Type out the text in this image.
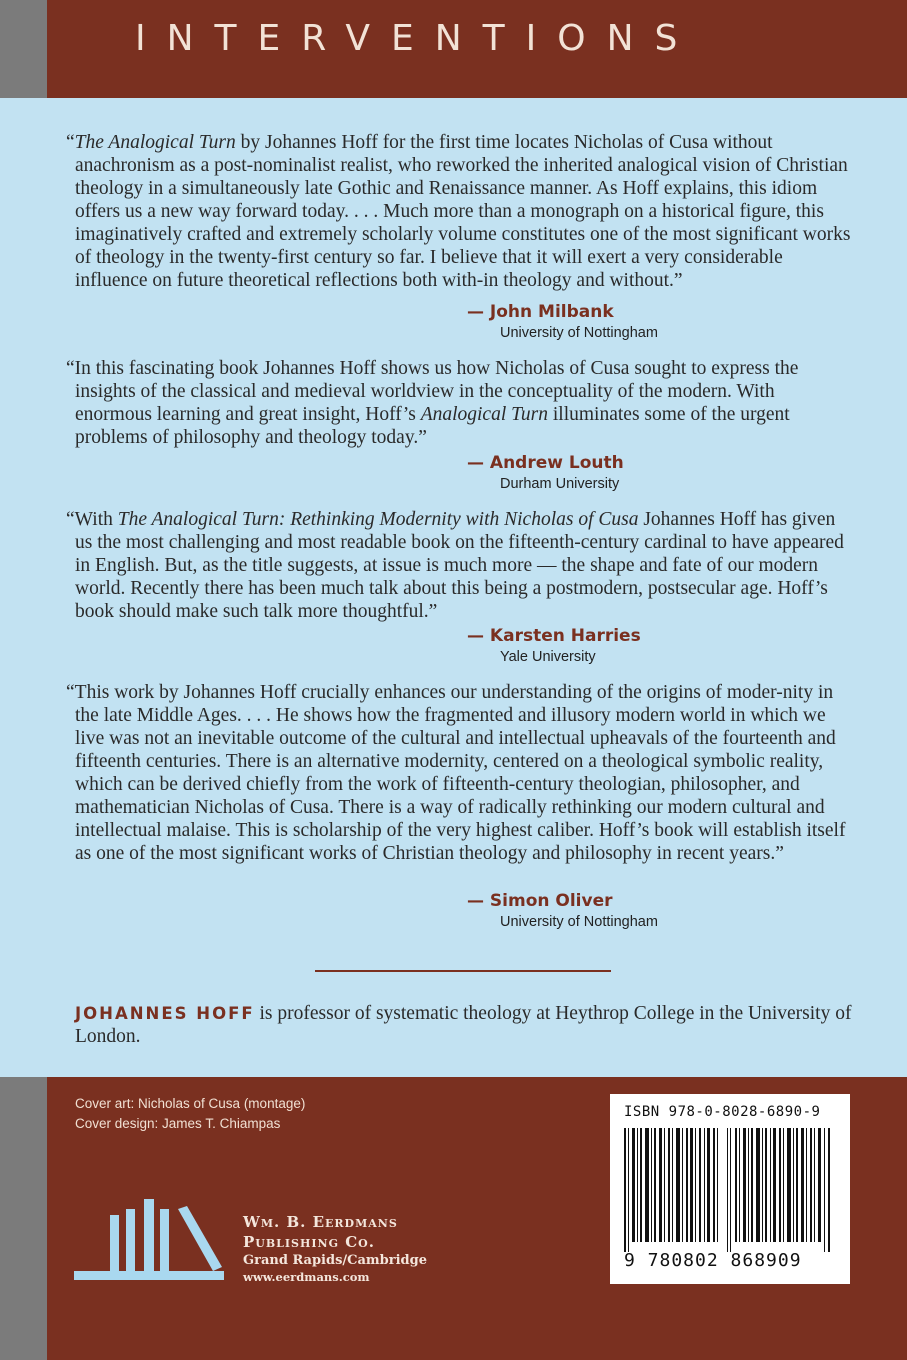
INTERVENTIONS

“The Analogical Turn by Johannes Hoff for the first time locates Nicholas of Cusa without anachronism as a post-nominalist realist, who reworked the inherited analogical vision of Christian theology in a simultaneously late Gothic and Renaissance manner. As Hoff explains, this idiom offers us a new way forward today. . . . Much more than a monograph on a historical figure, this imaginatively crafted and extremely scholarly volume constitutes one of the most significant works of theology in the twenty-first century so far. I believe that it will exert a very considerable influence on future theoretical reflections both with-in theology and without.”

— John Milbank
University of Nottingham

“In this fascinating book Johannes Hoff shows us how Nicholas of Cusa sought to express the insights of the classical and medieval worldview in the conceptuality of the modern. With enormous learning and great insight, Hoff’s Analogical Turn illuminates some of the urgent problems of philosophy and theology today.”

— Andrew Louth
Durham University

“With The Analogical Turn: Rethinking Modernity with Nicholas of Cusa Johannes Hoff has given us the most challenging and most readable book on the fifteenth-century cardinal to have appeared in English. But, as the title suggests, at issue is much more — the shape and fate of our modern world. Recently there has been much talk about this being a postmodern, postsecular age. Hoff’s book should make such talk more thoughtful.”

— Karsten Harries
Yale University

“This work by Johannes Hoff crucially enhances our understanding of the origins of moder-nity in the late Middle Ages. . . . He shows how the fragmented and illusory modern world in which we live was not an inevitable outcome of the cultural and intellectual upheavals of the fourteenth and fifteenth centuries. There is an alternative modernity, centered on a theological symbolic reality, which can be derived chiefly from the work of fifteenth-century theologian, philosopher, and mathematician Nicholas of Cusa. There is a way of radically rethinking our modern cultural and intellectual malaise. This is scholarship of the very highest caliber. Hoff’s book will establish itself as one of the most significant works of Christian theology and philosophy in recent years.”

— Simon Oliver
University of Nottingham
JOHANNES HOFF is professor of systematic theology at Heythrop College in the University of London.
Cover art: Nicholas of Cusa (montage)
Cover design: James T. Chiampas
Wm. B. Eerdmans
Publishing Co.
Grand Rapids/Cambridge
www.eerdmans.com
ISBN 978-0-8028-6890-9
9 780802 868909
